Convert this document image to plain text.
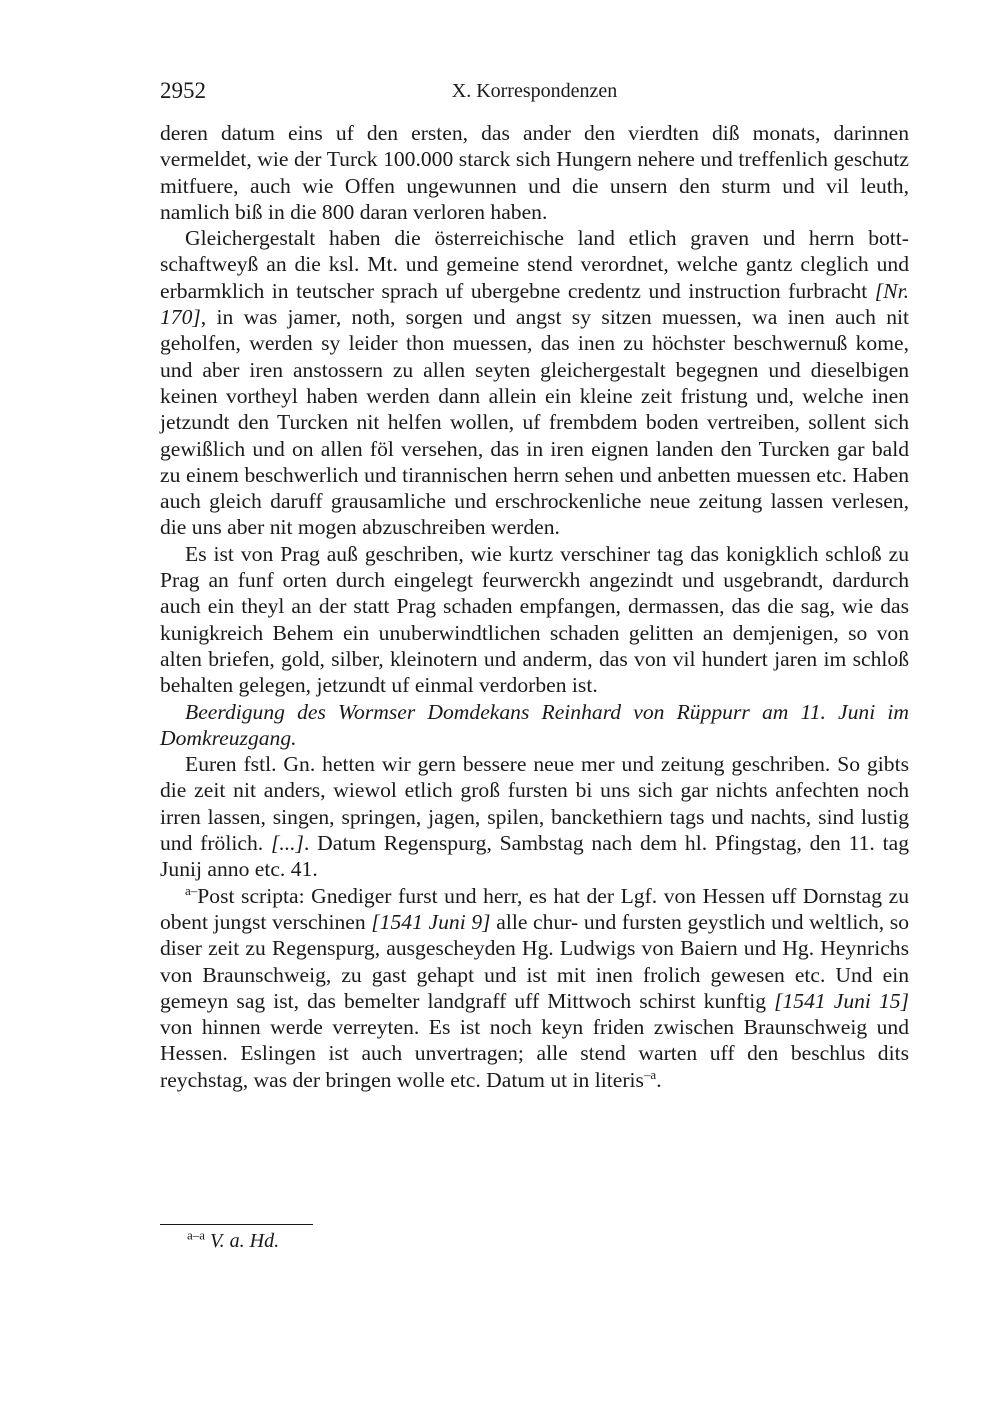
2952	X. Korrespondenzen

deren datum eins uf den ersten, das ander den vierdten diß monats, darinnen vermeldet, wie der Turck 100.000 starck sich Hungern nehere und treffenlich geschutz mitfuere, auch wie Offen ungewunnen und die unsern den sturm und vil leuth, namlich biß in die 800 daran verloren haben.

Gleichergestalt haben die österreichische land etlich graven und herrn bottschaftweyß an die ksl. Mt. und gemeine stend verordnet, welche gantz cleglich und erbarmklich in teutscher sprach uf ubergebne credentz und instruction furbracht [Nr. 170], in was jamer, noth, sorgen und angst sy sitzen muessen, wa inen auch nit geholfen, werden sy leider thon muessen, das inen zu höchster beschwernuß kome, und aber iren anstossern zu allen seyten gleichergestalt begegnen und dieselbigen keinen vortheyl haben werden dann allein ein kleine zeit fristung und, welche inen jetzundt den Turcken nit helfen wollen, uf frembdem boden vertreiben, sollent sich gewißlich und on allen föl versehen, das in iren eignen landen den Turcken gar bald zu einem beschwerlich und tirannischen herrn sehen und anbetten muessen etc. Haben auch gleich daruff grausamliche und erschrockenliche neue zeitung lassen verlesen, die uns aber nit mogen abzuschreiben werden.

Es ist von Prag auß geschriben, wie kurtz verschiner tag das konigklich schloß zu Prag an funf orten durch eingelegt feurwerckh angezindt und usgebrandt, dardurch auch ein theyl an der statt Prag schaden empfangen, dermassen, das die sag, wie das kunigkreich Behem ein unuberwindtlichen schaden gelitten an demjenigen, so von alten briefen, gold, silber, kleinotern und anderm, das von vil hundert jaren im schloß behalten gelegen, jetzundt uf einmal verdorben ist.

Beerdigung des Wormser Domdekans Reinhard von Rüppurr am 11. Juni im Domkreuzgang.

Euren fstl. Gn. hetten wir gern bessere neue mer und zeitung geschriben. So gibts die zeit nit anders, wiewol etlich groß fursten bi uns sich gar nichts anfechten noch irren lassen, singen, springen, jagen, spilen, banckethiern tags und nachts, sind lustig und frölich. [...]. Datum Regenspurg, Sambstag nach dem hl. Pfingstag, den 11. tag Junij anno etc. 41.

$^{a-}$Post scripta: Gnediger furst und herr, es hat der Lgf. von Hessen uff Dornstag zu obent jungst verschinen [1541 Juni 9] alle chur- und fursten geystlich und weltlich, so diser zeit zu Regenspurg, ausgescheyden Hg. Ludwigs von Baiern und Hg. Heynrichs von Braunschweig, zu gast gehapt und ist mit inen frolich gewesen etc. Und ein gemeyn sag ist, das bemelter landgraff uff Mittwoch schirst kunftig [1541 Juni 15] von hinnen werde verreyten. Es ist noch keyn friden zwischen Braunschweig und Hessen. Eslingen ist auch unvertragen; alle stend warten uff den beschlus dits reychstag, was der bringen wolle etc. Datum ut in literis$^{-a}$.

$^{a-a}$ V. a. Hd.
